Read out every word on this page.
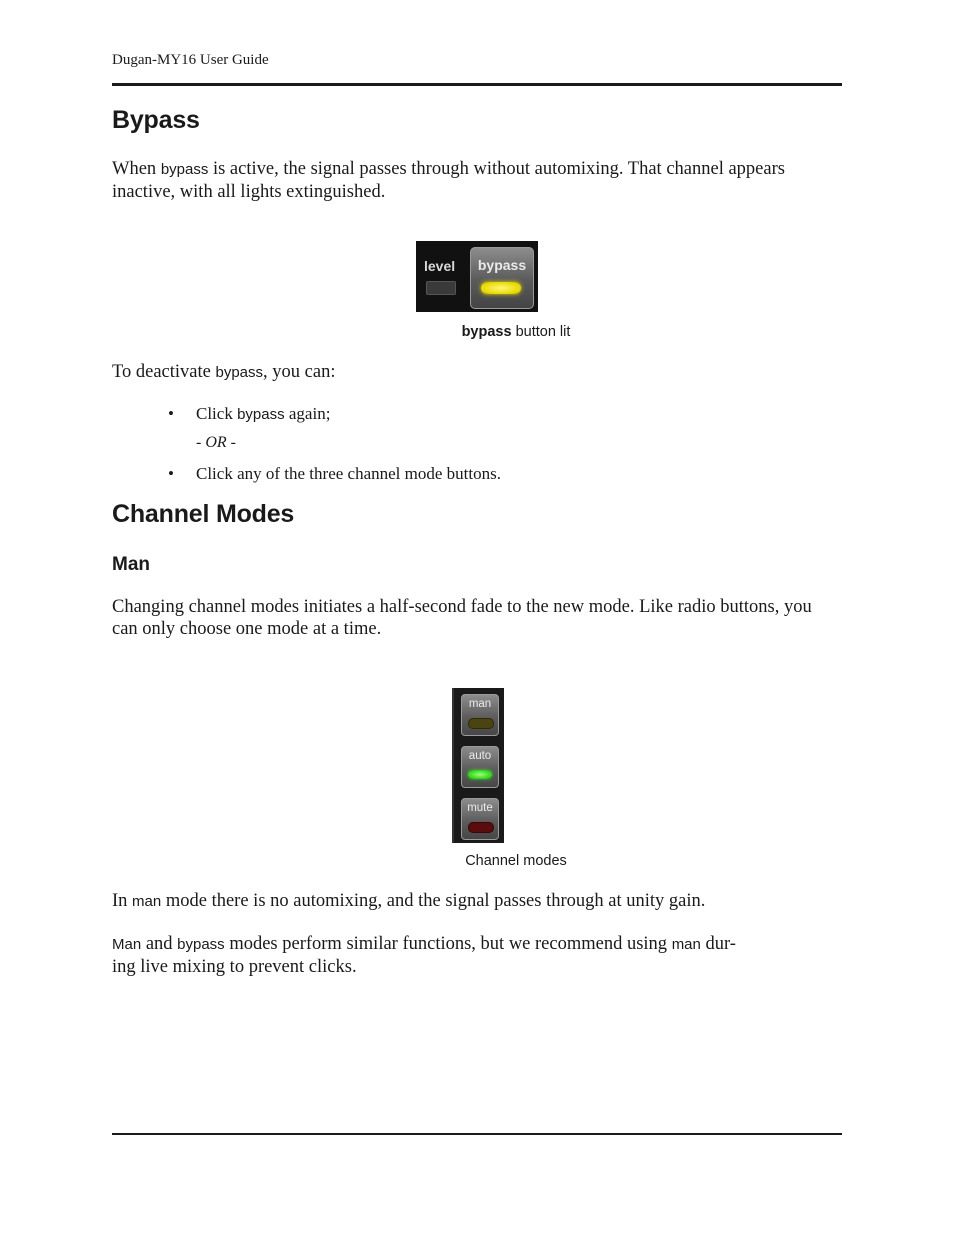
Dugan-MY16 User Guide
Bypass
When bypass is active, the signal passes through without automixing. That channel appears inactive, with all lights extinguished.
level	bypass
bypass button lit
To deactivate bypass, you can:
• Click bypass again;
- OR -
• Click any of the three channel mode buttons.
Channel Modes
Man
Changing channel modes initiates a half-second fade to the new mode. Like radio buttons, you can only choose one mode at a time.
man
auto
mute
Channel modes
In man mode there is no automixing, and the signal passes through at unity gain.
Man and bypass modes perform similar functions, but we recommend using man dur-
ing live mixing to prevent clicks.
